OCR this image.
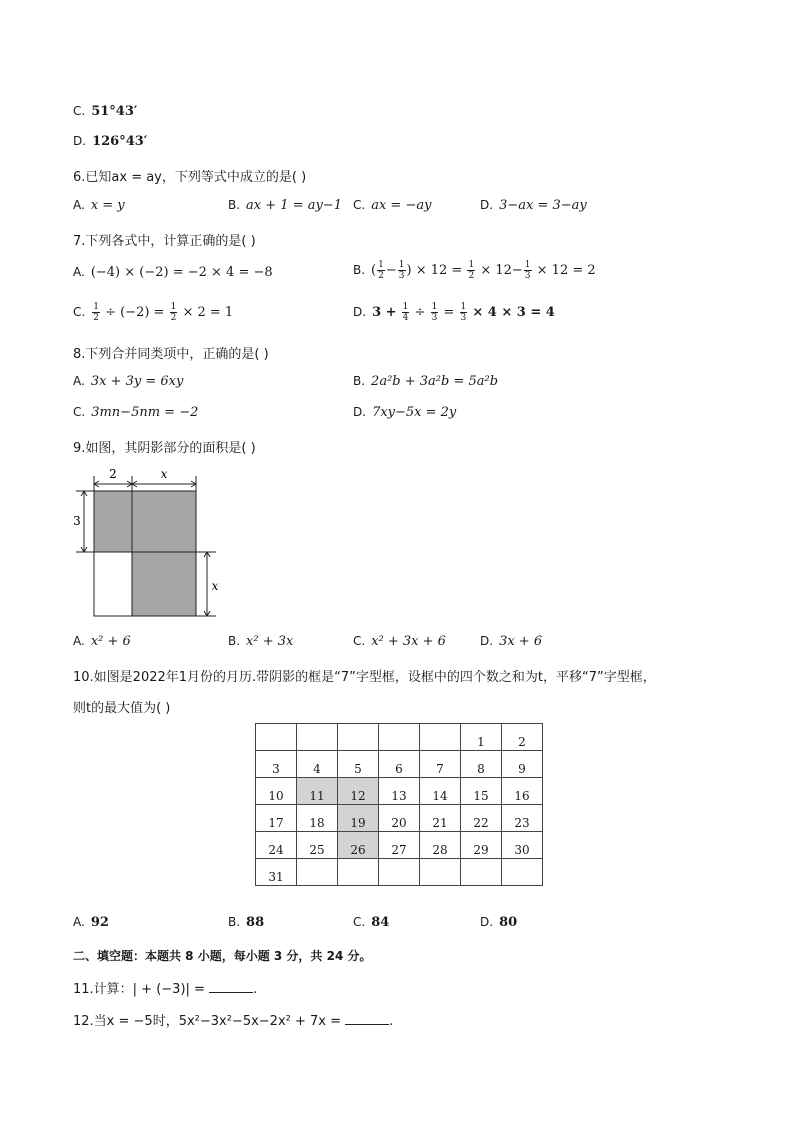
C. 51°43′
D. 126°43′
6.已知ax = ay，下列等式中成立的是( )
A. x = y	B. ax + 1 = ay−1 C. ax = −ay	D. 3−ax = 3−ay
7.下列各式中，计算正确的是( )
A. (−4) × (−2) = −2 × 4 = −8	B. ( $\frac{1}{2} - \frac{1}{3}$ ) × $12 = \frac{1}{2} \times 12- \frac{1}{3} \times 12 = 2$
C. $\frac{1}{2} \div (-2) = \frac{1}{2} \times 2 = 1$	D. $3 + \frac{1}{4} \div \frac{1}{3} = \frac{1}{3} \times 4 \times 3 = 4$
8.下列合并同类项中，正确的是( )
A. 3x + 3y = 6xy	B. 2a²b + 3a²b = 5a²b
C. 3mn−5nm = −2	D. 7xy−5x = 2y
9.如图，其阴影部分的面积是( )
2	x
3
x
A. x² + 6	B. x² + 3x	C. x² + 3x + 6	D. 3x + 6
10.如图是2022年1月份的月历.带阴影的框是“7”字型框，设框中的四个数之和为t，平移“7”字型框，
则t的最大值为( )
					1	2
3	4	5	6	7	8	9
10	11	12	13	14	15	16
17	18	19	20	21	22	23
24	25	26	27	28	29	30
31						
A. 92	B. 88	C. 84	D. 80
二、填空题：本题共 8 小题，每小题 3 分，共 24 分。
11.计算：| + (−3)| =	.
12.当x = −5时，5x²−3x²−5x−2x² + 7x =	.
